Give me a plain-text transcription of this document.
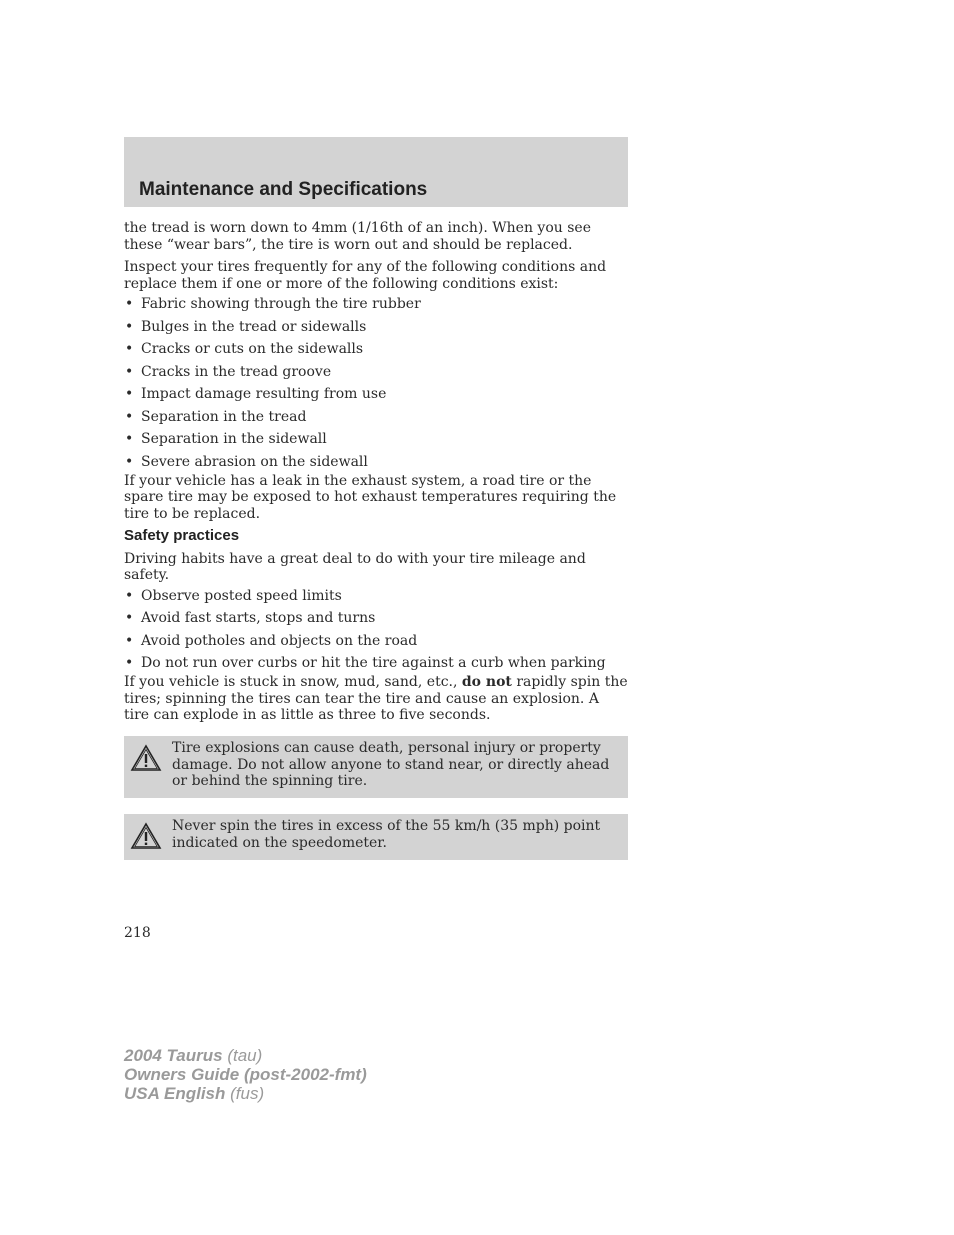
Maintenance and Specifications

the tread is worn down to 4mm (1/16th of an inch). When you see these “wear bars”, the tire is worn out and should be replaced.

Inspect your tires frequently for any of the following conditions and replace them if one or more of the following conditions exist:

• Fabric showing through the tire rubber
• Bulges in the tread or sidewalls
• Cracks or cuts on the sidewalls
• Cracks in the tread groove
• Impact damage resulting from use
• Separation in the tread
• Separation in the sidewall
• Severe abrasion on the sidewall

If your vehicle has a leak in the exhaust system, a road tire or the spare tire may be exposed to hot exhaust temperatures requiring the tire to be replaced.

Safety practices

Driving habits have a great deal to do with your tire mileage and safety.

• Observe posted speed limits
• Avoid fast starts, stops and turns
• Avoid potholes and objects on the road
• Do not run over curbs or hit the tire against a curb when parking

If you vehicle is stuck in snow, mud, sand, etc., do not rapidly spin the tires; spinning the tires can tear the tire and cause an explosion. A tire can explode in as little as three to five seconds.

Tire explosions can cause death, personal injury or property damage. Do not allow anyone to stand near, or directly ahead or behind the spinning tire.
Never spin the tires in excess of the 55 km/h (35 mph) point indicated on the speedometer.
218
2004 Taurus (tau)
Owners Guide (post-2002-fmt)
USA English (fus)
